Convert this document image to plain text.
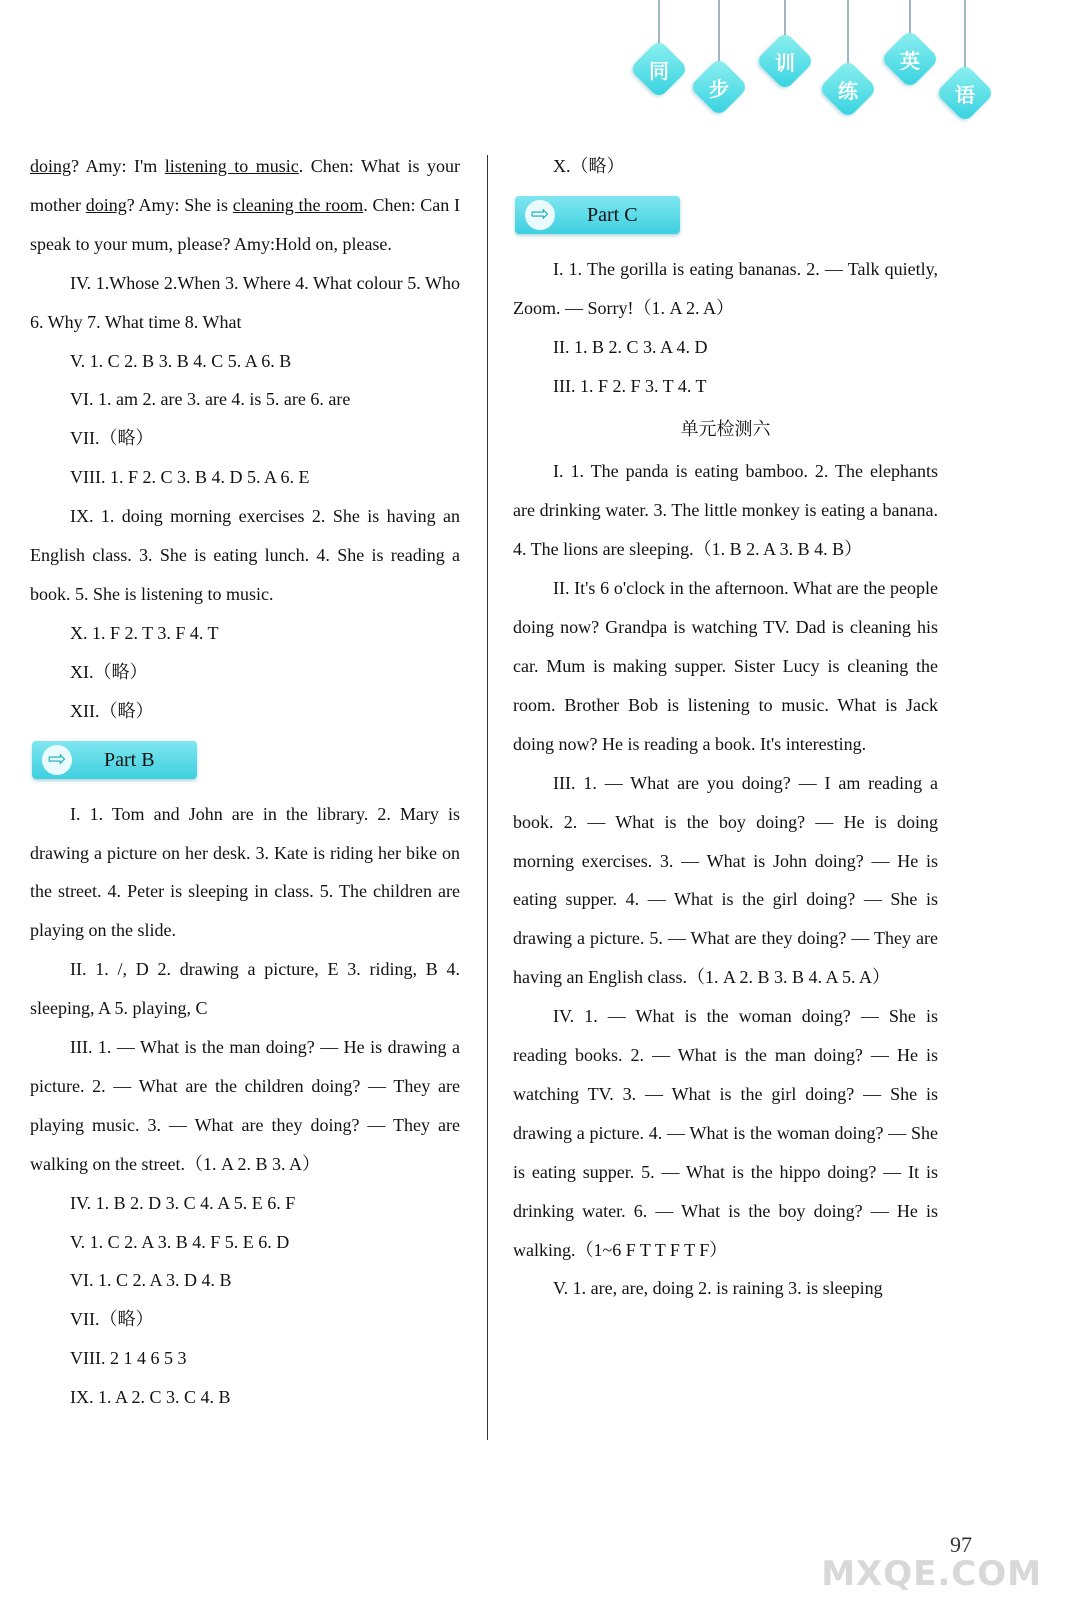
同
步
训
练
英
语

doing? Amy: I'm listening to music. Chen: What is your mother doing? Amy: She is cleaning the room. Chen: Can I speak to your mum, please? Amy:Hold on, please.

IV. 1.Whose 2.When 3. Where 4. What colour 5. Who 6. Why 7. What time 8. What

V. 1. C 2. B 3. B 4. C 5. A 6. B

VI. 1. am 2. are 3. are 4. is 5. are 6. are

VII.（略）

VIII. 1. F 2. C 3. B 4. D 5. A 6. E

IX. 1. doing morning exercises 2. She is having an English class. 3. She is eating lunch. 4. She is reading a book. 5. She is listening to music.

X. 1. F 2. T 3. F 4. T

XI.（略）

XII.（略）

⇨ Part B

I. 1. Tom and John are in the library. 2. Mary is drawing a picture on her desk. 3. Kate is riding her bike on the street. 4. Peter is sleeping in class. 5. The children are playing on the slide.

II. 1. /, D 2. drawing a picture, E 3. riding, B 4. sleeping, A 5. playing, C

III. 1. — What is the man doing? — He is drawing a picture. 2. — What are the children doing? — They are playing music. 3. — What are they doing? — They are walking on the street.（1. A 2. B 3. A）

IV. 1. B 2. D 3. C 4. A 5. E 6. F

V. 1. C 2. A 3. B 4. F 5. E 6. D

VI. 1. C 2. A 3. D 4. B

VII.（略）

VIII. 2 1 4 6 5 3

IX. 1. A 2. C 3. C 4. B

X.（略）

⇨ Part C

I. 1. The gorilla is eating bananas. 2. — Talk quietly, Zoom. — Sorry!（1. A 2. A）

II. 1. B 2. C 3. A 4. D

III. 1. F 2. F 3. T 4. T

单元检测六

I. 1. The panda is eating bamboo. 2. The elephants are drinking water. 3. The little monkey is eating a banana. 4. The lions are sleeping.（1. B 2. A 3. B 4. B）

II. It's 6 o'clock in the afternoon. What are the people doing now? Grandpa is watching TV. Dad is cleaning his car. Mum is making supper. Sister Lucy is cleaning the room. Brother Bob is listening to music. What is Jack doing now? He is reading a book. It's interesting.

III. 1. — What are you doing? — I am reading a book. 2. — What is the boy doing? — He is doing morning exercises. 3. — What is John doing? — He is eating supper. 4. — What is the girl doing? — She is drawing a picture. 5. — What are they doing? — They are having an English class.（1. A 2. B 3. B 4. A 5. A）

IV. 1. — What is the woman doing? — She is reading books. 2. — What is the man doing? — He is watching TV. 3. — What is the girl doing? — She is drawing a picture. 4. — What is the woman doing? — She is eating supper. 5. — What is the hippo doing? — It is drinking water. 6. — What is the boy doing? — He is walking.（1~6 F T T F T F）

V. 1. are, are, doing 2. is raining 3. is sleeping

97
MXQE.COM
